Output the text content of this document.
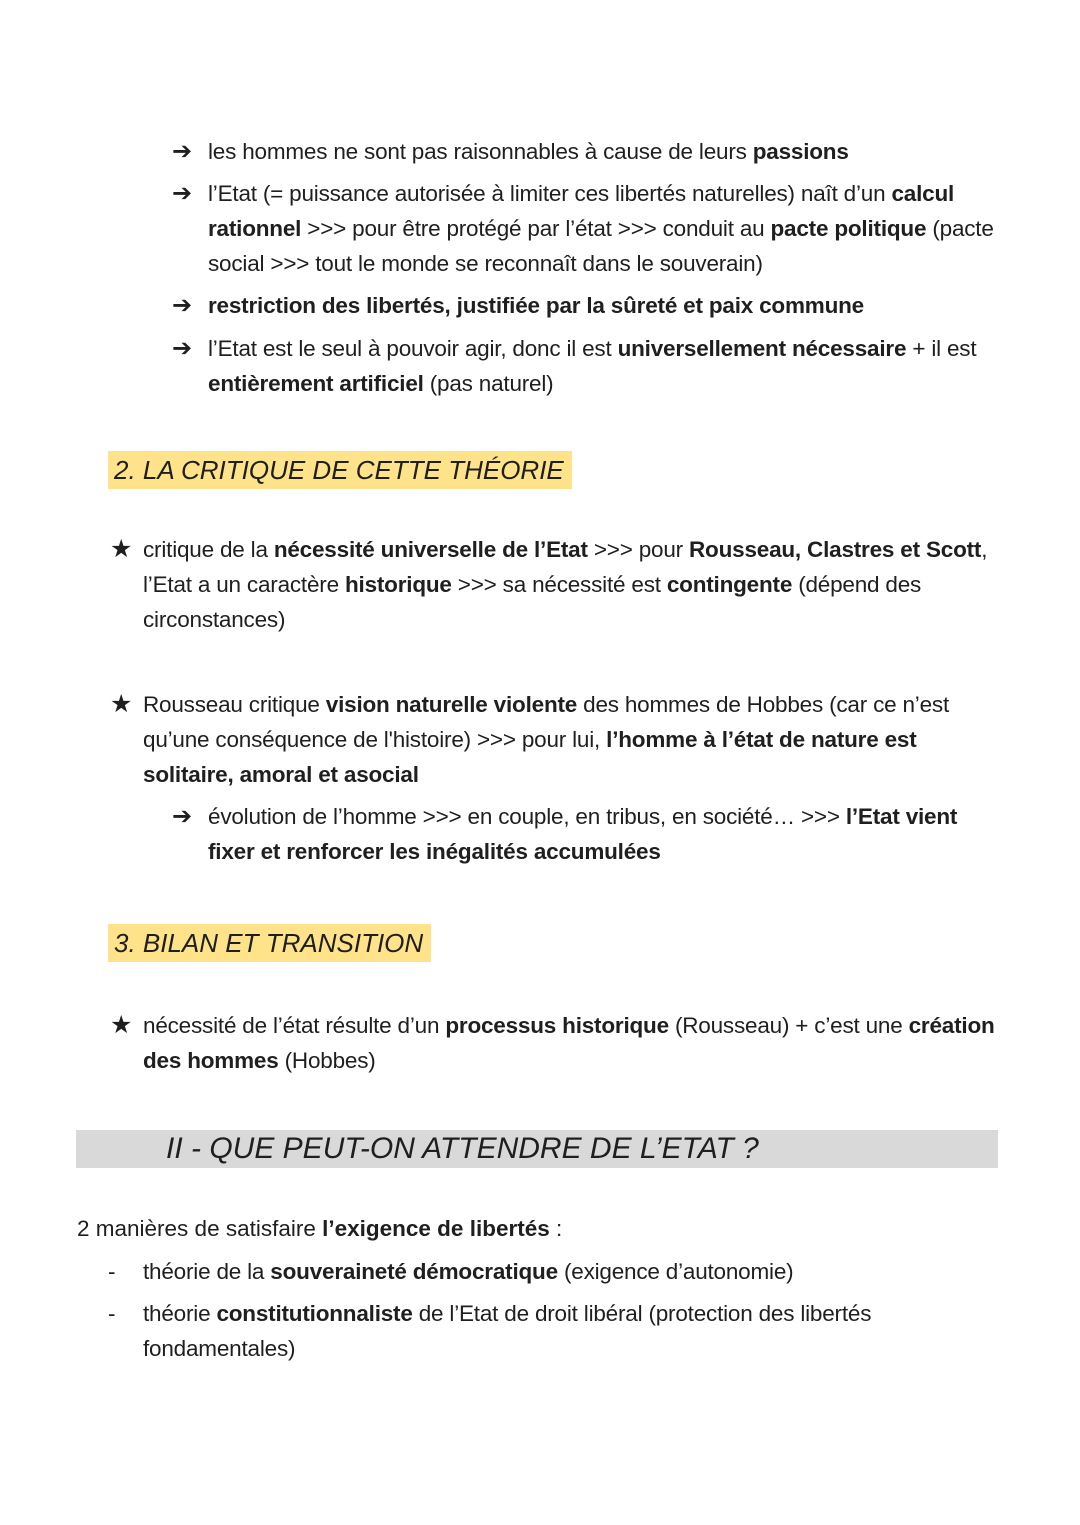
➔ les hommes ne sont pas raisonnables à cause de leurs passions
➔ l’Etat (= puissance autorisée à limiter ces libertés naturelles) naît d’un calcul
rationnel >>> pour être protégé par l’état >>> conduit au pacte politique (pacte
social >>> tout le monde se reconnaît dans le souverain)
➔ restriction des libertés, justifiée par la sûreté et paix commune
➔ l’Etat est le seul à pouvoir agir, donc il est universellement nécessaire + il est
entièrement artificiel (pas naturel)
2. LA CRITIQUE DE CETTE THÉORIE
★ critique de la nécessité universelle de l’Etat >>> pour Rousseau, Clastres et Scott,
l’Etat a un caractère historique >>> sa nécessité est contingente (dépend des
circonstances)
★ Rousseau critique vision naturelle violente des hommes de Hobbes (car ce n’est
qu’une conséquence de l'histoire) >>> pour lui, l’homme à l’état de nature est
solitaire, amoral et asocial
➔ évolution de l’homme >>> en couple, en tribus, en société… >>> l’Etat vient
fixer et renforcer les inégalités accumulées
3. BILAN ET TRANSITION
★ nécessité de l’état résulte d’un processus historique (Rousseau) + c’est une création
des hommes (Hobbes)
II - QUE PEUT-ON ATTENDRE DE L’ETAT ?
2 manières de satisfaire l’exigence de libertés :
- théorie de la souveraineté démocratique (exigence d’autonomie)
- théorie constitutionnaliste de l’Etat de droit libéral (protection des libertés
fondamentales)
